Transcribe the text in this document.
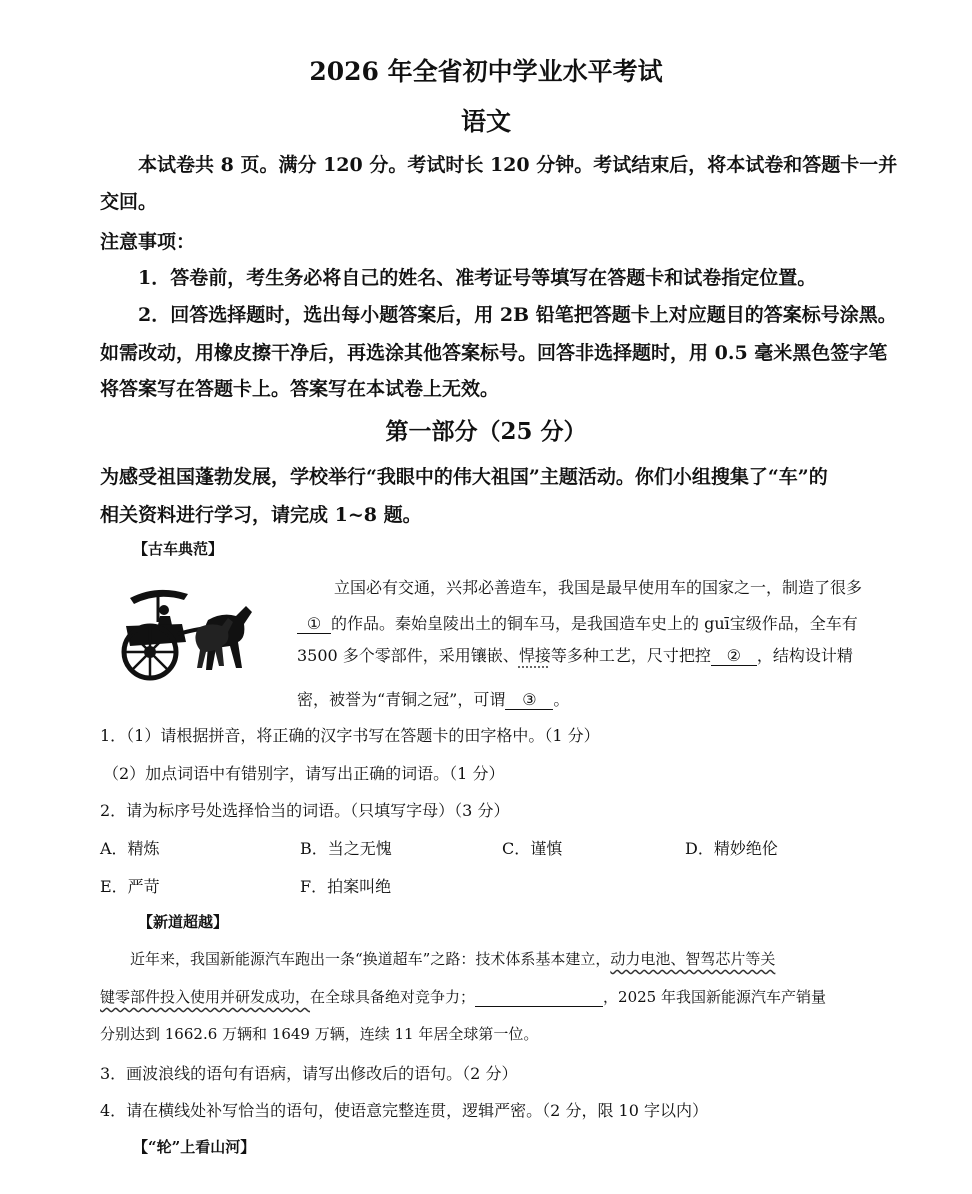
2026 年全省初中学业水平考试
语文
本试卷共 8 页。满分 120 分。考试时长 120 分钟。考试结束后，将本试卷和答题卡一并
交回。
注意事项：
1．答卷前，考生务必将自己的姓名、准考证号等填写在答题卡和试卷指定位置。
2．回答选择题时，选出每小题答案后，用 2B 铅笔把答题卡上对应题目的答案标号涂黑。
如需改动，用橡皮擦干净后，再选涂其他答案标号。回答非选择题时，用 0.5 毫米黑色签字笔
将答案写在答题卡上。答案写在本试卷上无效。
第一部分（25 分）
为感受祖国蓬勃发展，学校举行“我眼中的伟大祖国”主题活动。你们小组搜集了“车”的
相关资料进行学习，请完成 1~8 题。
【古车典范】
立国必有交通，兴邦必善造车，我国是最早使用车的国家之一，制造了很多
① 的作品。秦始皇陵出土的铜车马，是我国造车史上的 guī宝级作品，全车有
3500 多个零部件，采用镶嵌、悍接等多种工艺，尺寸把控 ② ，结构设计精
密，被誉为“青铜之冠”，可谓 ③ 。
1．（1）请根据拼音，将正确的汉字书写在答题卡的田字格中。（1 分）
（2）加点词语中有错别字，请写出正确的词语。（1 分）
2．请为标序号处选择恰当的词语。（只填写字母）（3 分）
A．精炼	B．当之无愧	C．谨慎	D．精妙绝伦
E．严苛	F．拍案叫绝
【新道超越】
近年来，我国新能源汽车跑出一条“换道超车”之路：技术体系基本建立，动力电池、智驾芯片等关
键零部件投入使用并研发成功，在全球具备绝对竞争力；	，2025 年我国新能源汽车产销量
分别达到 1662.6 万辆和 1649 万辆，连续 11 年居全球第一位。
3．画波浪线的语句有语病，请写出修改后的语句。（2 分）
4．请在横线处补写恰当的语句，使语意完整连贯，逻辑严密。（2 分，限 10 字以内）
【“轮”上看山河】
